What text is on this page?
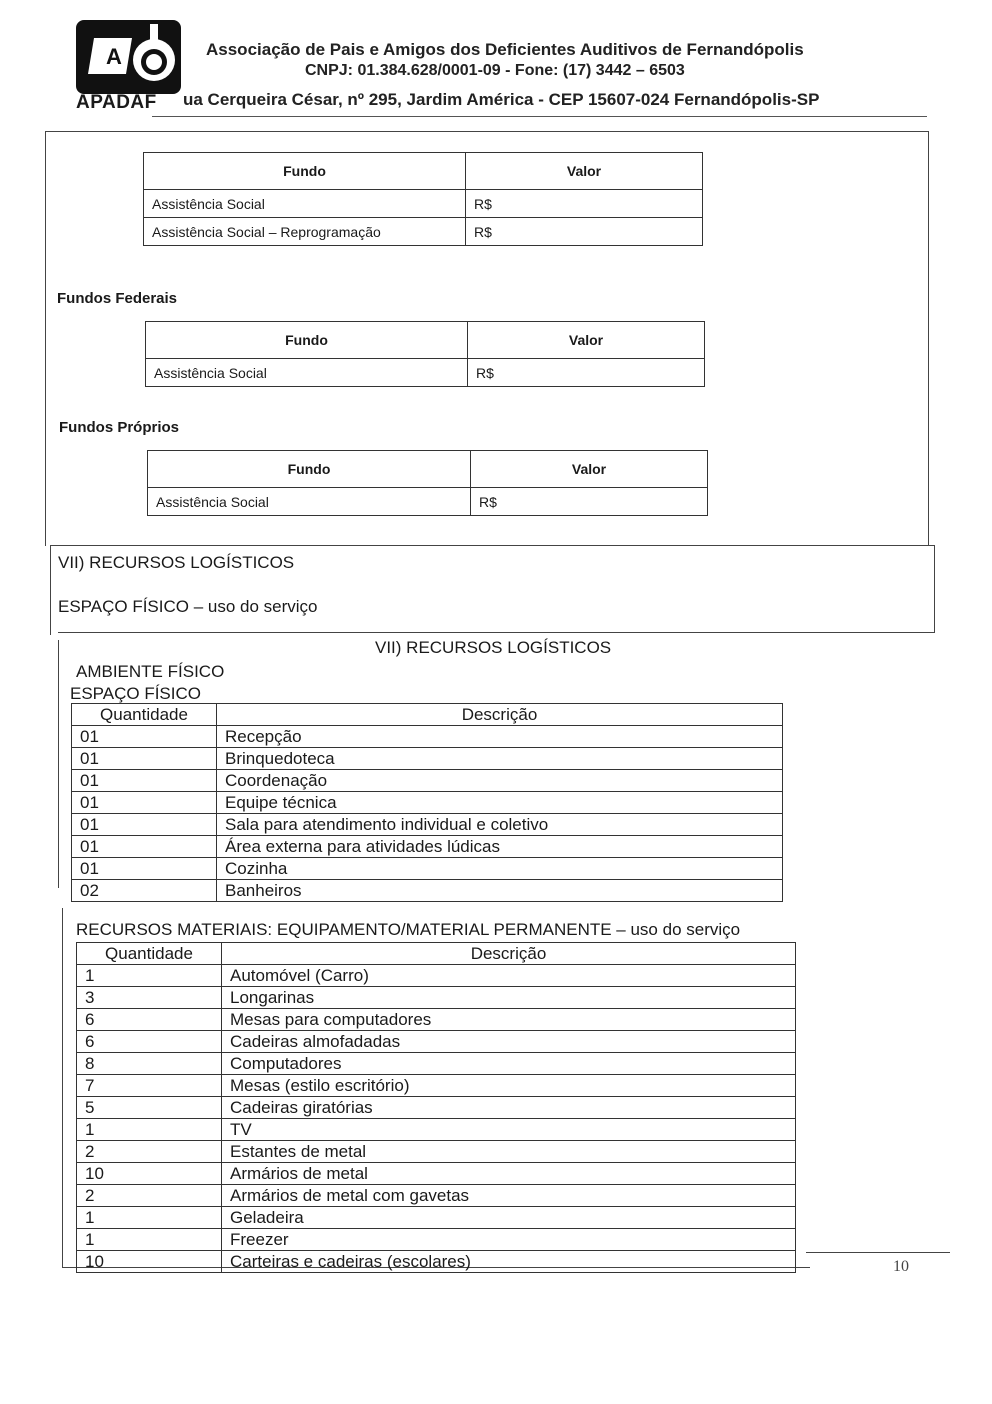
A
APADAF
Associação de Pais e Amigos dos Deficientes Auditivos de Fernandópolis
CNPJ: 01.384.628/0001-09 - Fone: (17) 3442 – 6503
ua Cerqueira César, nº 295, Jardim América - CEP 15607-024 Fernandópolis-SP
Fundo	Valor
Assistência Social	R$
Assistência Social – Reprogramação	R$
Fundos Federais
Fundo	Valor
Assistência Social	R$
Fundos Próprios
Fundo	Valor
Assistência Social	R$
VII) RECURSOS LOGÍSTICOS
ESPAÇO FÍSICO – uso do serviço
VII) RECURSOS LOGÍSTICOS
AMBIENTE FÍSICO
ESPAÇO FÍSICO
Quantidade	Descrição
01	Recepção
01	Brinquedoteca
01	Coordenação
01	Equipe técnica
01	Sala para atendimento individual e coletivo
01	Área externa para atividades lúdicas
01	Cozinha
02	Banheiros
RECURSOS MATERIAIS: EQUIPAMENTO/MATERIAL PERMANENTE – uso do serviço
Quantidade	Descrição
1	Automóvel (Carro)
3	Longarinas
6	Mesas para computadores
6	Cadeiras almofadadas
8	Computadores
7	Mesas (estilo escritório)
5	Cadeiras giratórias
1	TV
2	Estantes de metal
10	Armários de metal
2	Armários de metal com gavetas
1	Geladeira
1	Freezer
10	Carteiras e cadeiras (escolares)	10
